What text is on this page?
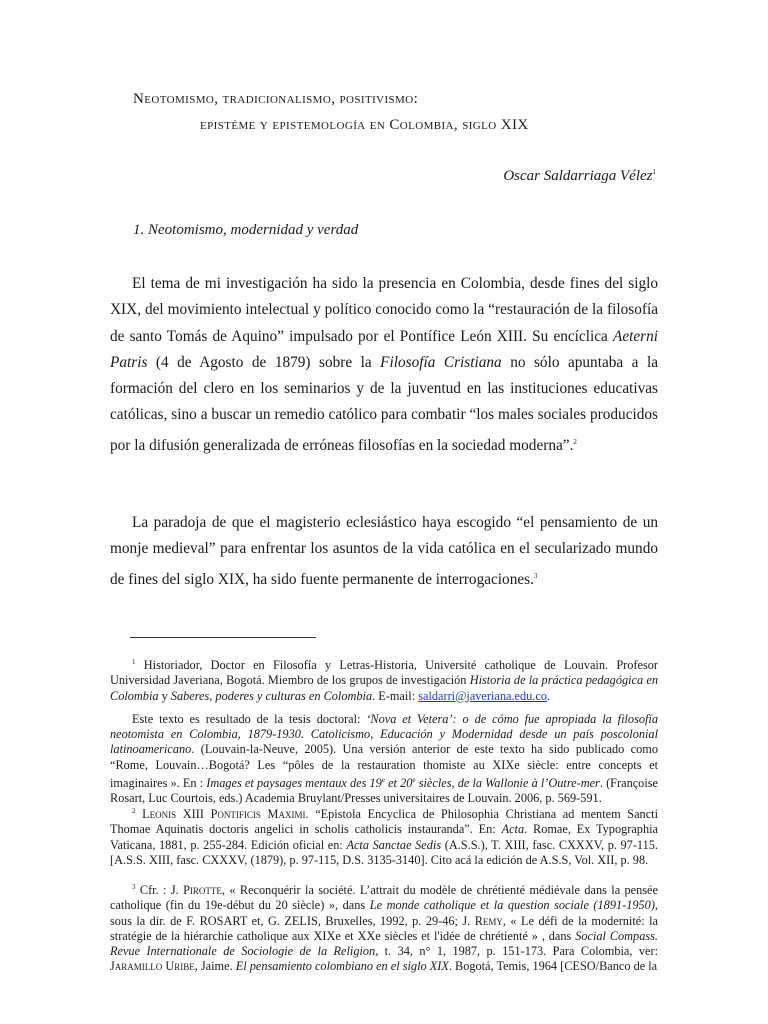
Neotomismo, tradicionalismo, positivismo:
epistéme y epistemología en Colombia, siglo XIX
Oscar Saldarriaga Vélez$^1$
1. Neotomismo, modernidad y verdad

El tema de mi investigación ha sido la presencia en Colombia, desde fines del siglo XIX, del movimiento intelectual y político conocido como la “restauración de la filosofía de santo Tomás de Aquino” impulsado por el Pontífice León XIII. Su encíclica Aeterni Patris (4 de Agosto de 1879) sobre la Filosofía Cristiana no sólo apuntaba a la formación del clero en los seminarios y de la juventud en las instituciones educativas católicas, sino a buscar un remedio católico para combatir “los males sociales producidos por la difusión generalizada de erróneas filosofías en la sociedad moderna”.$^2$

La paradoja de que el magisterio eclesiástico haya escogido “el pensamiento de un monje medieval” para enfrentar los asuntos de la vida católica en el secularizado mundo de fines del siglo XIX, ha sido fuente permanente de interrogaciones.$^3$

$^1$ Historiador, Doctor en Filosofía y Letras-Historia, Université catholique de Louvain. Profesor Universidad Javeriana, Bogotá. Miembro de los grupos de investigación Historia de la práctica pedagógica en Colombia y Saberes, poderes y culturas en Colombia. E-mail: saldarri@javeriana.edu.co.

Este texto es resultado de la tesis doctoral: ‘Nova et Vetera’: o de cómo fue apropiada la filosofía neotomista en Colombia, 1879-1930. Catolicismo, Educación y Modernidad desde un país poscolonial latinoamericano. (Louvain-la-Neuve, 2005). Una versión anterior de este texto ha sido publicado como “Rome, Louvain…Bogotá? Les “pôles de la restauration thomiste au XIXe siècle: entre concepts et imaginaires ». En : Images et paysages mentaux des 19e et 20e siècles, de la Wallonie à l’Outre-mer. (Françoise Rosart, Luc Courtois, eds.) Academia Bruylant/Presses universitaires de Louvain. 2006, p. 569-591.

$^2$ Leonis XIII Pontificis Maximi. “Epistola Encyclica de Philosophia Christiana ad mentem Sancti Thomae Aquinatis doctoris angelici in scholis catholicis instauranda”. En: Acta. Romae, Ex Typographia Vaticana, 1881, p. 255-284. Edición oficial en: Acta Sanctae Sedis (A.S.S.), T. XIII, fasc. CXXXV, p. 97-115. [A.S.S. XIII, fasc. CXXXV, (1879), p. 97-115, D.S. 3135-3140]. Cito acá la edición de A.S.S, Vol. XII, p. 98.

$^3$ Cfr. : J. Pirotte, « Reconquérir la société. L’attrait du modèle de chrétienté médiévale dans la pensée catholique (fin du 19e-début du 20 siècle) », dans Le monde catholique et la question sociale (1891-1950), sous la dir. de F. ROSART et, G. ZELIS, Bruxelles, 1992, p. 29-46; J. Remy, « Le défi de la modernité: la stratégie de la hiérarchie catholique aux XIXe et XXe siècles et l'idée de chrétienté » , dans Social Compass. Revue Internationale de Sociologie de la Religion, t. 34, n° 1, 1987, p. 151-173. Para Colombia, ver: Jaramillo Uribe, Jaime. El pensamiento colombiano en el siglo XIX. Bogotá, Temis, 1964 [CESO/Banco de la
